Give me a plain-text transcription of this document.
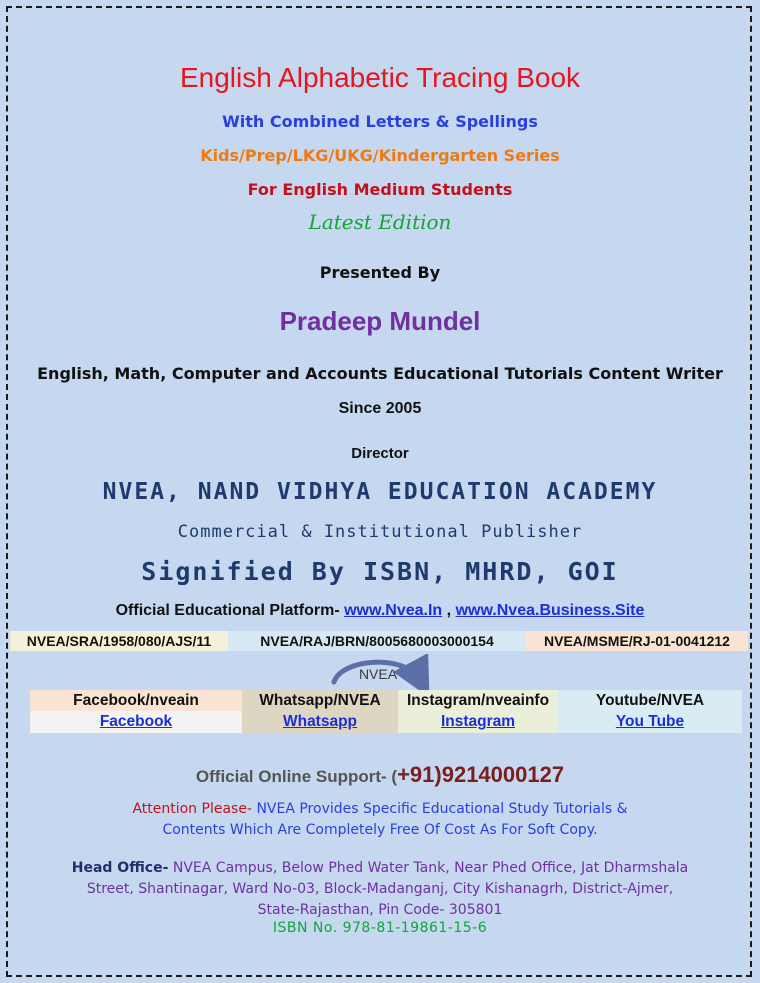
English Alphabetic Tracing Book
With Combined Letters & Spellings
Kids/Prep/LKG/UKG/Kindergarten Series
For English Medium Students
Latest Edition
Presented By
Pradeep Mundel
English, Math, Computer and Accounts Educational Tutorials Content Writer
Since 2005
Director
NVEA, NAND VIDHYA EDUCATION ACADEMY
Commercial & Institutional Publisher
Signified By ISBN, MHRD, GOI
Official Educational Platform- www.Nvea.In , www.Nvea.Business.Site
NVEA/SRA/1958/080/AJS/11	NVEA/RAJ/BRN/8005680003000154	NVEA/MSME/RJ-01-0041212
NVEA
Facebook/nveain
Facebook
Whatsapp/NVEA
Whatsapp
Instagram/nveainfo
Instagram
Youtube/NVEA
You Tube
Official Online Support- (+91)9214000127
Attention Please- NVEA Provides Specific Educational Study Tutorials &
Contents Which Are Completely Free Of Cost As For Soft Copy.
Head Office- NVEA Campus, Below Phed Water Tank, Near Phed Office, Jat Dharmshala
Street, Shantinagar, Ward No-03, Block-Madanganj, City Kishanagrh, District-Ajmer,
State-Rajasthan, Pin Code- 305801
ISBN No. 978-81-19861-15-6
